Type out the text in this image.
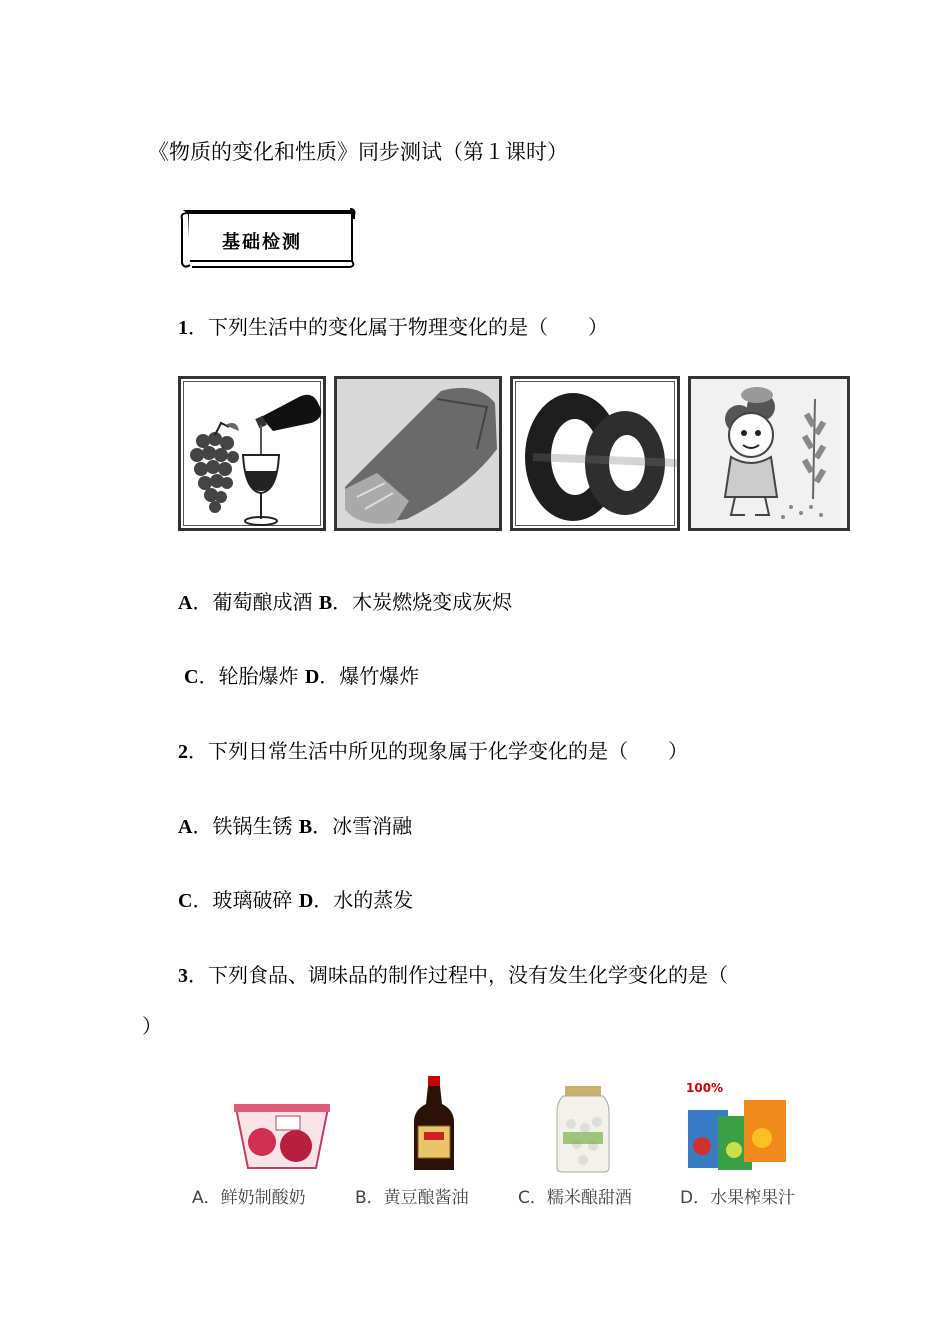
《物质的变化和性质》同步测试（第１课时）
基础检测
1．下列生活中的变化属于物理变化的是（　　）
A．葡萄酿成酒 B．木炭燃烧变成灰烬
C．轮胎爆炸 D．爆竹爆炸
2．下列日常生活中所见的现象属于化学变化的是（　　）
A．铁锅生锈 B．冰雪消融
C．玻璃破碎 D．水的蒸发
3．下列食品、调味品的制作过程中，没有发生化学变化的是（
）
100%
A．鲜奶制酸奶	B．黄豆酿酱油	C．糯米酿甜酒	D．水果榨果汁
